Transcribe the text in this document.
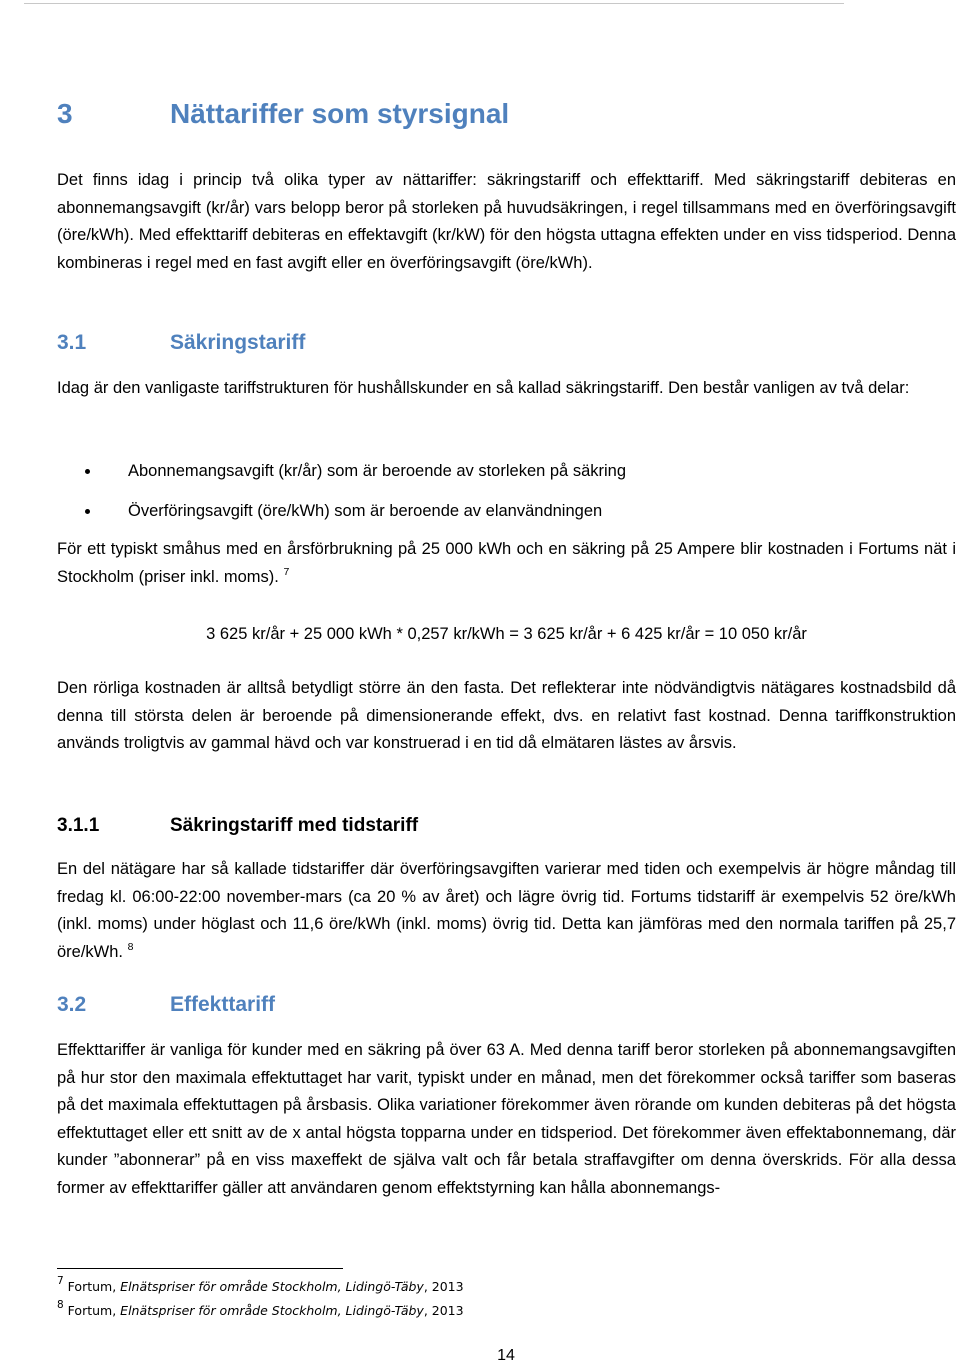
3	Nättariffer som styrsignal

Det finns idag i princip två olika typer av nättariffer: säkringstariff och effekttariff. Med säkringstariff debiteras en abonnemangsavgift (kr/år) vars belopp beror på storleken på huvudsäkringen, i regel tillsammans med en överföringsavgift (öre/kWh). Med effekttariff debiteras en effektavgift (kr/kW) för den högsta uttagna effekten under en viss tidsperiod. Denna kombineras i regel med en fast avgift eller en överföringsavgift (öre/kWh).

3.1	Säkringstariff

Idag är den vanligaste tariffstrukturen för hushållskunder en så kallad säkringstariff. Den består vanligen av två delar:

Abonnemangsavgift (kr/år) som är beroende av storleken på säkring
Överföringsavgift (öre/kWh) som är beroende av elanvändningen

För ett typiskt småhus med en årsförbrukning på 25 000 kWh och en säkring på 25 Ampere blir kostnaden i Fortums nät i Stockholm (priser inkl. moms). $^7$

3 625 kr/år + 25 000 kWh * 0,257 kr/kWh = 3 625 kr/år + 6 425 kr/år = 10 050 kr/år

Den rörliga kostnaden är alltså betydligt större än den fasta. Det reflekterar inte nödvändigtvis nätägares kostnadsbild då denna till största delen är beroende på dimensionerande effekt, dvs. en relativt fast kostnad. Denna tariffkonstruktion används troligtvis av gammal hävd och var konstruerad i en tid då elmätaren lästes av årsvis.

3.1.1	Säkringstariff med tidstariff

En del nätägare har så kallade tidstariffer där överföringsavgiften varierar med tiden och exempelvis är högre måndag till fredag kl. 06:00-22:00 november-mars (ca 20 % av året) och lägre övrig tid. Fortums tidstariff är exempelvis 52 öre/kWh (inkl. moms) under höglast och 11,6 öre/kWh (inkl. moms) övrig tid. Detta kan jämföras med den normala tariffen på 25,7 öre/kWh. $^8$

3.2	Effekttariff

Effekttariffer är vanliga för kunder med en säkring på över 63 A. Med denna tariff beror storleken på abonnemangsavgiften på hur stor den maximala effektuttaget har varit, typiskt under en månad, men det förekommer också tariffer som baseras på det maximala effektuttagen på årsbasis. Olika variationer förekommer även rörande om kunden debiteras på det högsta effektuttaget eller ett snitt av de x antal högsta topparna under en tidsperiod. Det förekommer även effektabonnemang, där kunder ”abonnerar” på en viss maxeffekt de själva valt och får betala straffavgifter om denna överskrids. För alla dessa former av effekttariffer gäller att användaren genom effektstyrning kan hålla abonnemangs-

$^7$ Fortum, Elnätspriser för område Stockholm, Lidingö-Täby, 2013

$^8$ Fortum, Elnätspriser för område Stockholm, Lidingö-Täby, 2013

14
